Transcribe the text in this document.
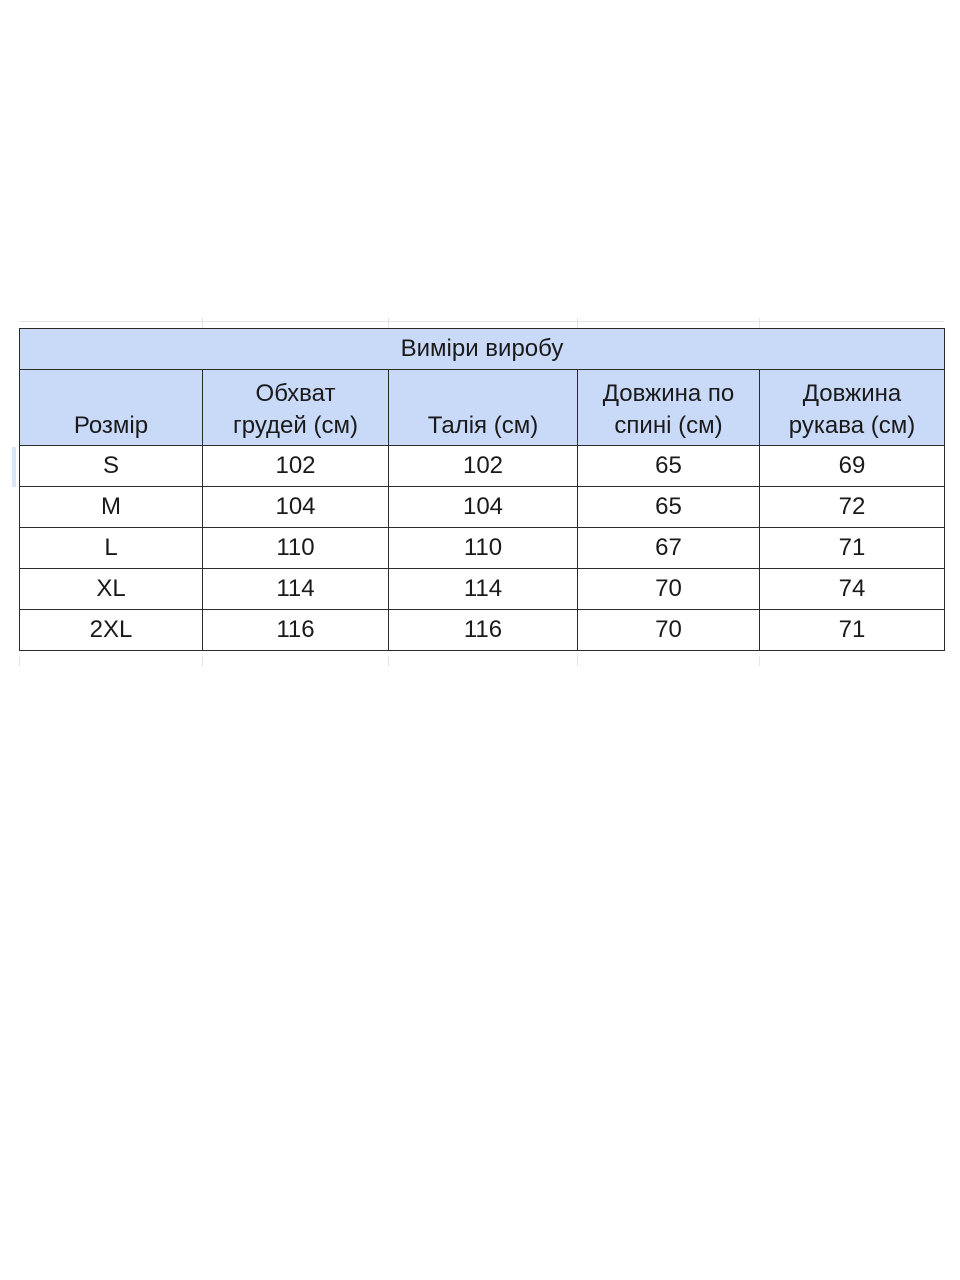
Виміри виробу				
Розмір	Обхват грудей (см)	Талія (см)	Довжина по спині (см)	Довжина рукава (см)
S	102	102	65	69
M	104	104	65	72
L	110	110	67	71
XL	114	114	70	74
2XL	116	116	70	71
